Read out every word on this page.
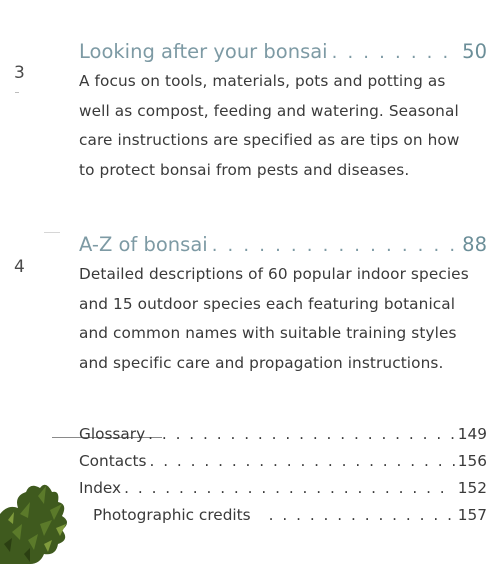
3
Looking after your bonsai . . .	50
A focus on tools, materials, pots and potting as
well as compost, feeding and watering. Seasonal
care instructions are specified as are tips on how
to protect bonsai from pests and diseases.
4
A-Z of bonsai . . .	88
Detailed descriptions of 60 popular indoor species
and 15 outdoor species each featuring botanical
and common names with suitable training styles
and specific care and propagation instructions.
Glossary . . .	149
Contacts . . .	156
Index . . .	152
Photographic credits . . .	157
